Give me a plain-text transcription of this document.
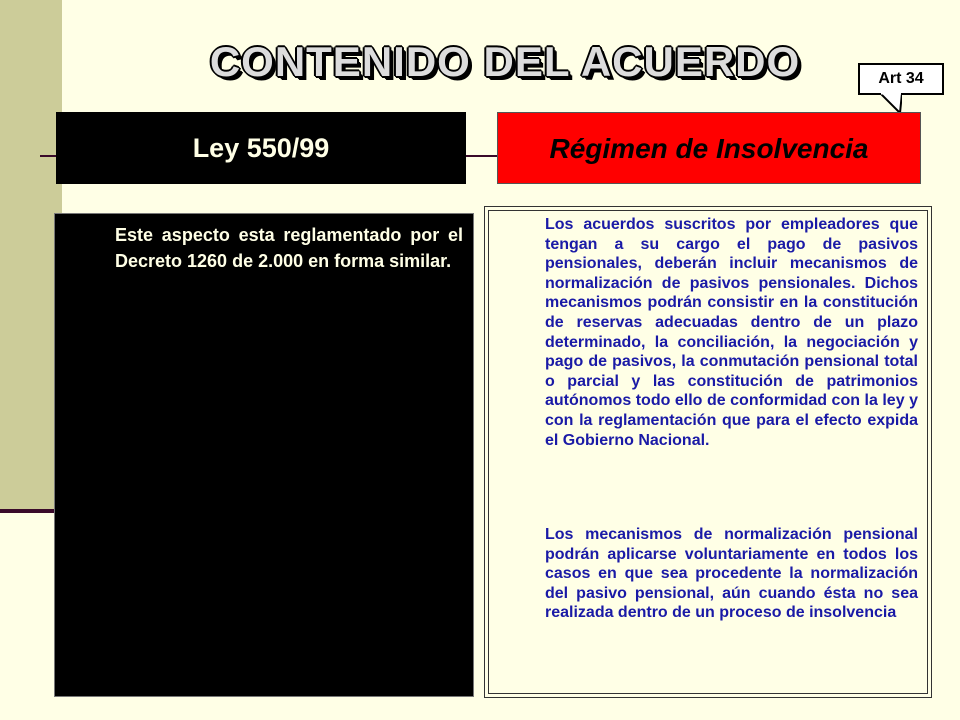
CONTENIDO DEL ACUERDO	Art 34
Ley 550/99	Régimen de Insolvencia
Este aspecto esta reglamentado por el Decreto 1260 de 2.000 en forma similar.
Los acuerdos suscritos por empleadores que tengan a su cargo el pago de pasivos pensionales, deberán incluir mecanismos de normalización de pasivos pensionales. Dichos mecanismos podrán consistir en la constitución de reservas adecuadas dentro de un plazo determinado, la conciliación, la negociación y pago de pasivos, la conmutación pensional total o parcial y las constitución de patrimonios autónomos todo ello de conformidad con la ley y con la reglamentación que para el efecto expida el Gobierno Nacional.
Los mecanismos de normalización pensional podrán aplicarse voluntariamente en todos los casos en que sea procedente la normalización del pasivo pensional, aún cuando ésta no sea realizada dentro de un proceso de insolvencia
